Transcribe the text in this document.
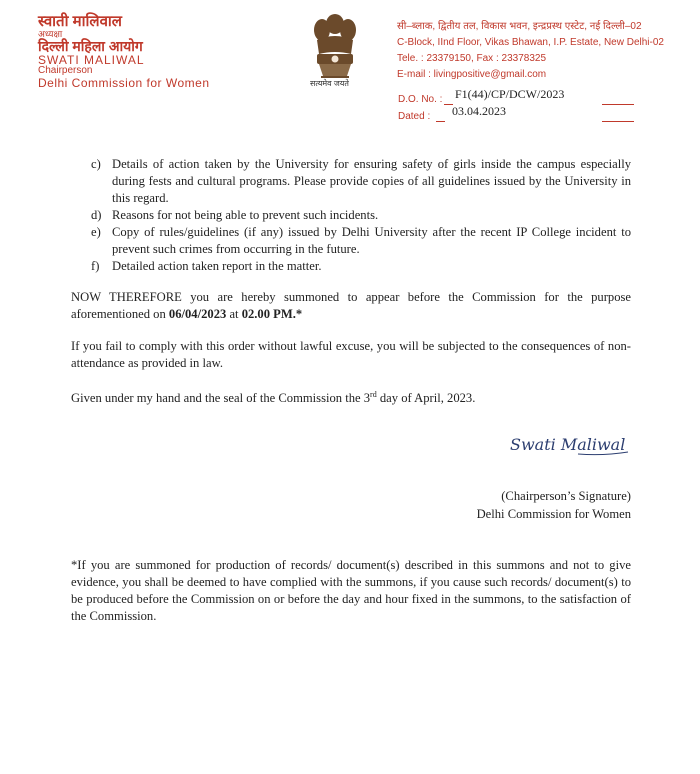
स्वाती मालिवाल
अध्यक्षा
दिल्ली महिला आयोग
SWATI MALIWAL
Chairperson
Delhi Commission for Women	सत्यमेव जयते
सी–ब्लाक, द्वितीय तल, विकास भवन, इन्द्रप्रस्थ एस्टेट, नई दिल्ली–02
C-Block, IInd Floor, Vikas Bhawan, I.P. Estate, New Delhi-02
Tele. : 23379150, Fax : 23378325
E-mail : livingpositive@gmail.com
D.O. No. : F1(44)/CP/DCW/2023
Dated : 03.04.2023
c) Details of action taken by the University for ensuring safety of girls inside the campus especially during fests and cultural programs. Please provide copies of all guidelines issued by the University in this regard.
d) Reasons for not being able to prevent such incidents.
e) Copy of rules/guidelines (if any) issued by Delhi University after the recent IP College incident to prevent such crimes from occurring in the future.
f) Detailed action taken report in the matter.
NOW THEREFORE you are hereby summoned to appear before the Commission for the purpose aforementioned on 06/04/2023 at 02.00 PM.*
If you fail to comply with this order without lawful excuse, you will be subjected to the consequences of non-attendance as provided in law.
Given under my hand and the seal of the Commission the 3rd day of April, 2023.
Swati Maliwal
(Chairperson’s Signature)
Delhi Commission for Women
*If you are summoned for production of records/ document(s) described in this summons and not to give evidence, you shall be deemed to have complied with the summons, if you cause such records/ document(s) to be produced before the Commission on or before the day and hour fixed in the summons, to the satisfaction of the Commission.
